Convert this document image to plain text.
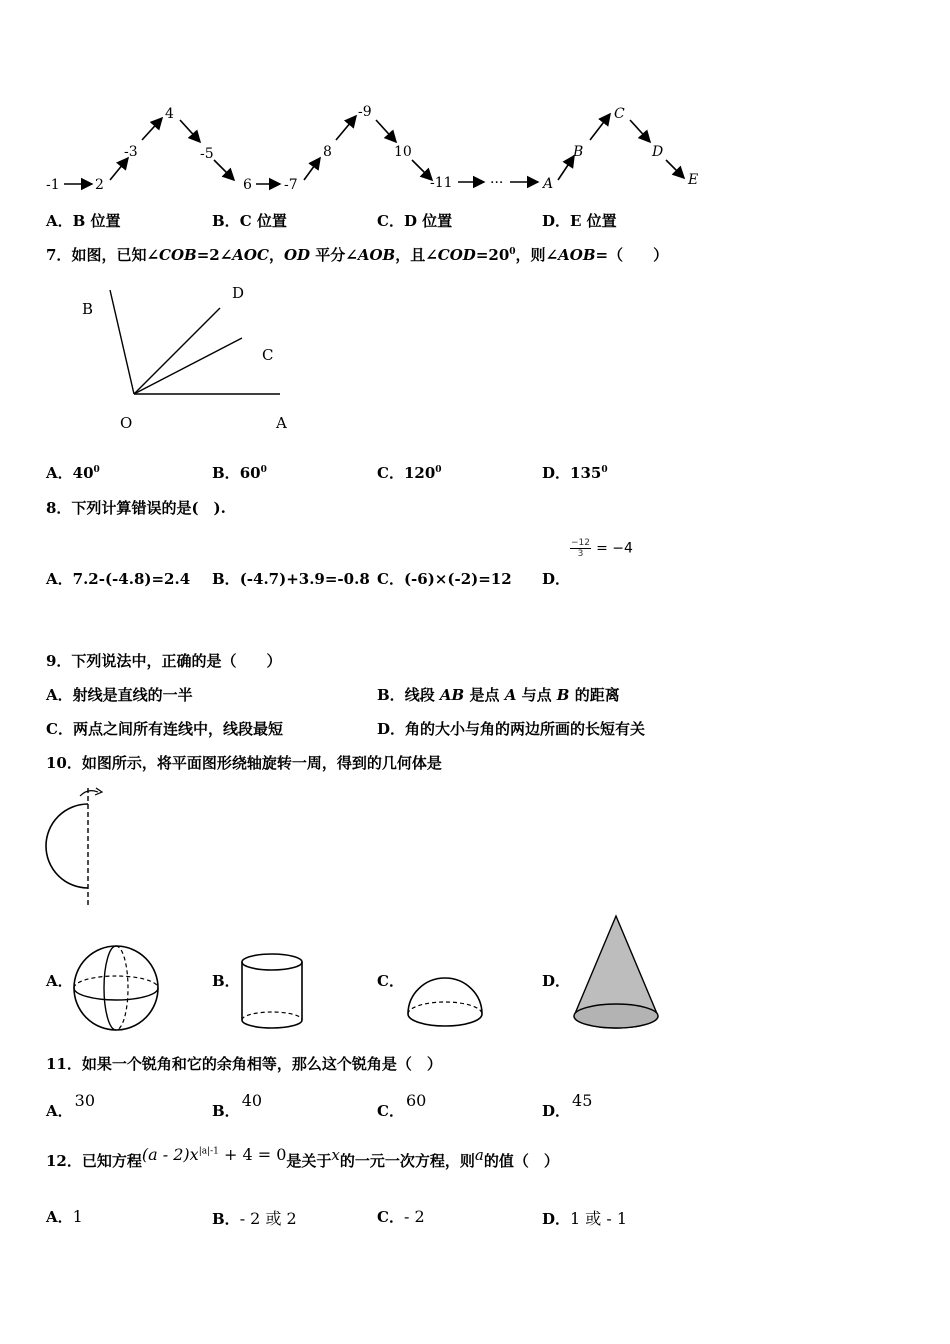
-1	2
-3
4
-5
6 -7
8
-9
10
-11	···	A
B
C
D
E
A．B 位置	B．C 位置	C．D 位置	D．E 位置
7．如图，已知∠COB=2∠AOC，OD 平分∠AOB，且$\angle COD=20^0$，则∠AOB=（　　）
B
D
C
O	A
A．$40^0$	B．$60^0$	C．$120^0$	D．$135^0$
8．下列计算错误的是(　).
A．7.2-(-4.8)=2.4 B．(-4.7)+3.9=-0.8 C．(-6)×(-2)=12 D．
$\frac{-12}{3} = -4$
9．下列说法中，正确的是（　　）
A．射线是直线的一半	B．线段 AB 是点 A 与点 B 的距离
C．两点之间所有连线中，线段最短	D．角的大小与角的两边所画的长短有关
10．如图所示，将平面图形绕轴旋转一周，得到的几何体是
A．	B．	C．	D．
11．如果一个锐角和它的余角相等，那么这个锐角是（　）
A．30
B．40
C．60
D．45
12．已知方程$(a - 2)x^{|a|-1} + 4 = 0$是关于x的一元一次方程，则a的值（　）
A．1	B．- 2 或 2	C．- 2	D．1 或 - 1
